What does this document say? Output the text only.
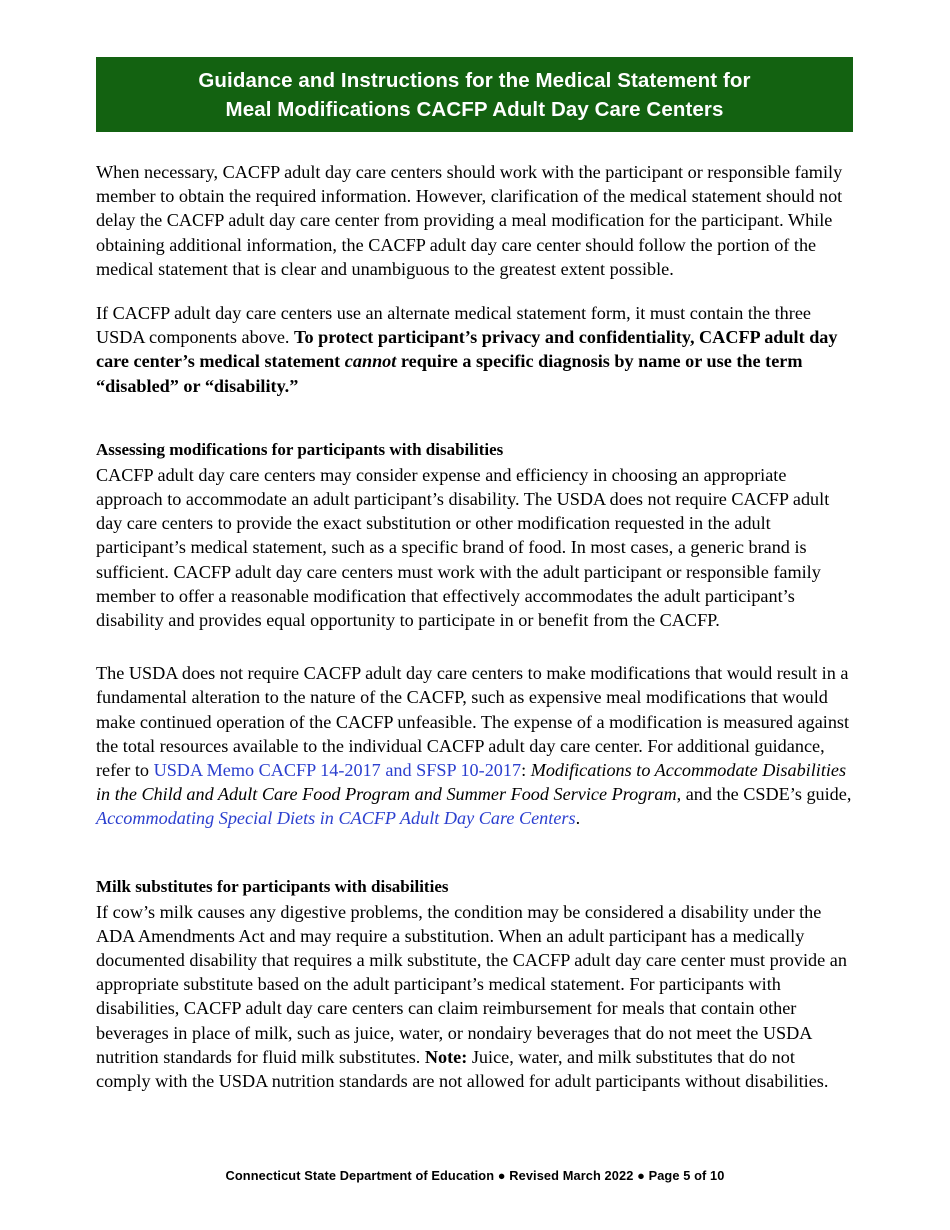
Guidance and Instructions for the Medical Statement for
Meal Modifications CACFP Adult Day Care Centers

When necessary, CACFP adult day care centers should work with the participant or responsible family member to obtain the required information. However, clarification of the medical statement should not delay the CACFP adult day care center from providing a meal modification for the participant. While obtaining additional information, the CACFP adult day care center should follow the portion of the medical statement that is clear and unambiguous to the greatest extent possible.

If CACFP adult day care centers use an alternate medical statement form, it must contain the three USDA components above. To protect participant’s privacy and confidentiality, CACFP adult day care center’s medical statement cannot require a specific diagnosis by name or use the term “disabled” or “disability.”

Assessing modifications for participants with disabilities

CACFP adult day care centers may consider expense and efficiency in choosing an appropriate approach to accommodate an adult participant’s disability. The USDA does not require CACFP adult day care centers to provide the exact substitution or other modification requested in the adult participant’s medical statement, such as a specific brand of food. In most cases, a generic brand is sufficient. CACFP adult day care centers must work with the adult participant or responsible family member to offer a reasonable modification that effectively accommodates the adult participant’s disability and provides equal opportunity to participate in or benefit from the CACFP.

The USDA does not require CACFP adult day care centers to make modifications that would result in a fundamental alteration to the nature of the CACFP, such as expensive meal modifications that would make continued operation of the CACFP unfeasible. The expense of a modification is measured against the total resources available to the individual CACFP adult day care center. For additional guidance, refer to USDA Memo CACFP 14-2017 and SFSP 10-2017: Modifications to Accommodate Disabilities in the Child and Adult Care Food Program and Summer Food Service Program, and the CSDE’s guide, Accommodating Special Diets in CACFP Adult Day Care Centers.

Milk substitutes for participants with disabilities

If cow’s milk causes any digestive problems, the condition may be considered a disability under the ADA Amendments Act and may require a substitution. When an adult participant has a medically documented disability that requires a milk substitute, the CACFP adult day care center must provide an appropriate substitute based on the adult participant’s medical statement. For participants with disabilities, CACFP adult day care centers can claim reimbursement for meals that contain other beverages in place of milk, such as juice, water, or nondairy beverages that do not meet the USDA nutrition standards for fluid milk substitutes. Note: Juice, water, and milk substitutes that do not comply with the USDA nutrition standards are not allowed for adult participants without disabilities.

Connecticut State Department of Education ● Revised March 2022 ● Page 5 of 10
